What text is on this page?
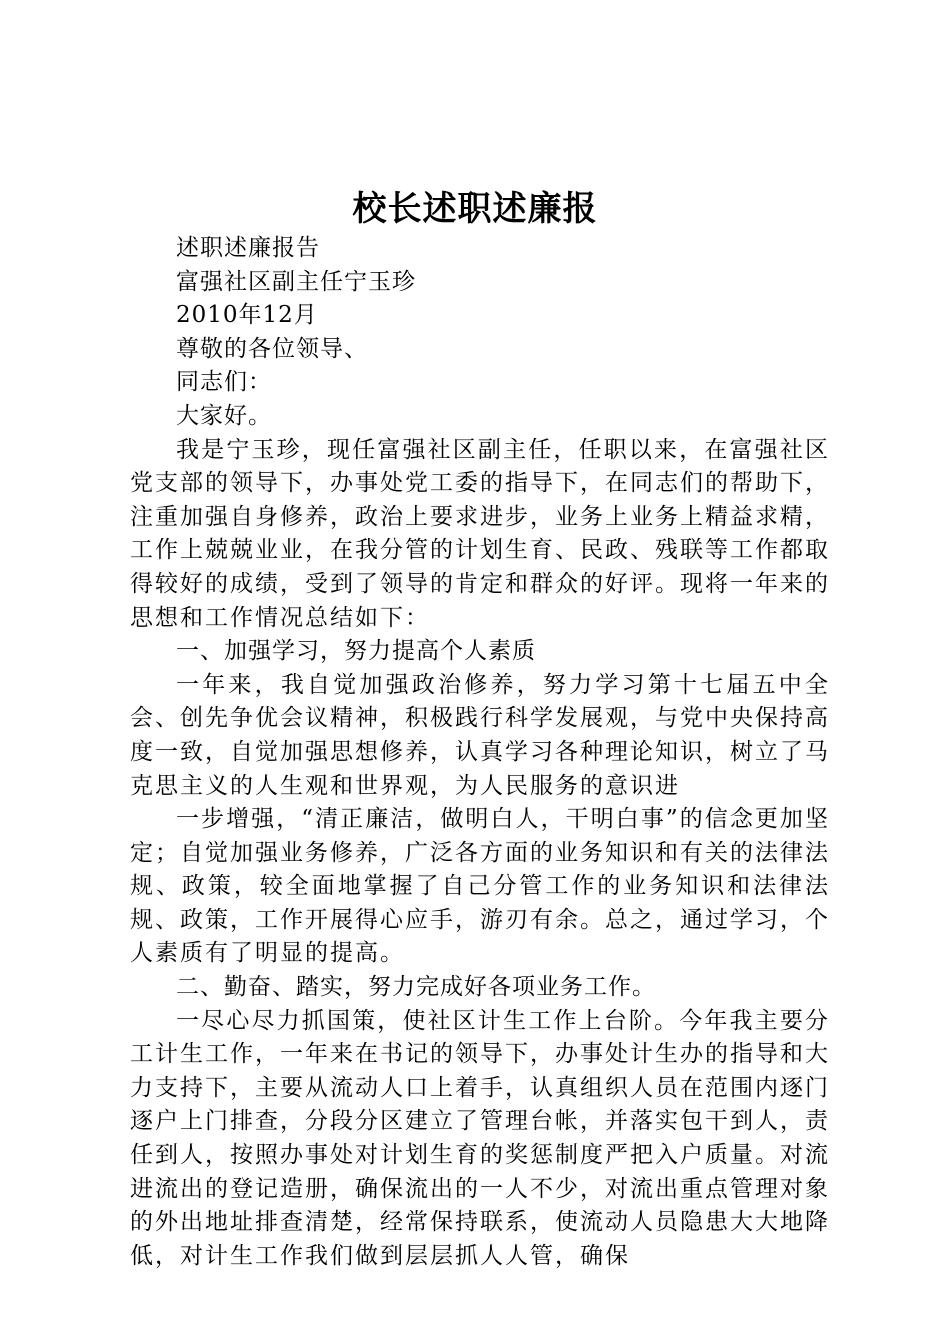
校长述职述廉报

述职述廉报告

富强社区副主任宁玉珍

2010年12月

尊敬的各位领导、

同志们：

大家好。

我是宁玉珍，现任富强社区副主任，任职以来，在富强社区党支部的领导下，办事处党工委的指导下，在同志们的帮助下，注重加强自身修养，政治上要求进步，业务上业务上精益求精，工作上兢兢业业，在我分管的计划生育、民政、残联等工作都取得较好的成绩，受到了领导的肯定和群众的好评。现将一年来的思想和工作情况总结如下：

一、加强学习，努力提高个人素质

一年来，我自觉加强政治修养，努力学习第十七届五中全会、创先争优会议精神，积极践行科学发展观，与党中央保持高度一致，自觉加强思想修养，认真学习各种理论知识，树立了马克思主义的人生观和世界观，为人民服务的意识进

一步增强，“清正廉洁，做明白人，干明白事”的信念更加坚定；自觉加强业务修养，广泛各方面的业务知识和有关的法律法规、政策，较全面地掌握了自己分管工作的业务知识和法律法规、政策，工作开展得心应手，游刃有余。总之，通过学习，个人素质有了明显的提高。

二、勤奋、踏实，努力完成好各项业务工作。

一尽心尽力抓国策，使社区计生工作上台阶。今年我主要分工计生工作，一年来在书记的领导下，办事处计生办的指导和大力支持下，主要从流动人口上着手，认真组织人员在范围内逐门逐户上门排查，分段分区建立了管理台帐，并落实包干到人，责任到人，按照办事处对计划生育的奖惩制度严把入户质量。对流进流出的登记造册，确保流出的一人不少，对流出重点管理对象的外出地址排查清楚，经常保持联系，使流动人员隐患大大地降低，对计生工作我们做到层层抓人人管，确保
